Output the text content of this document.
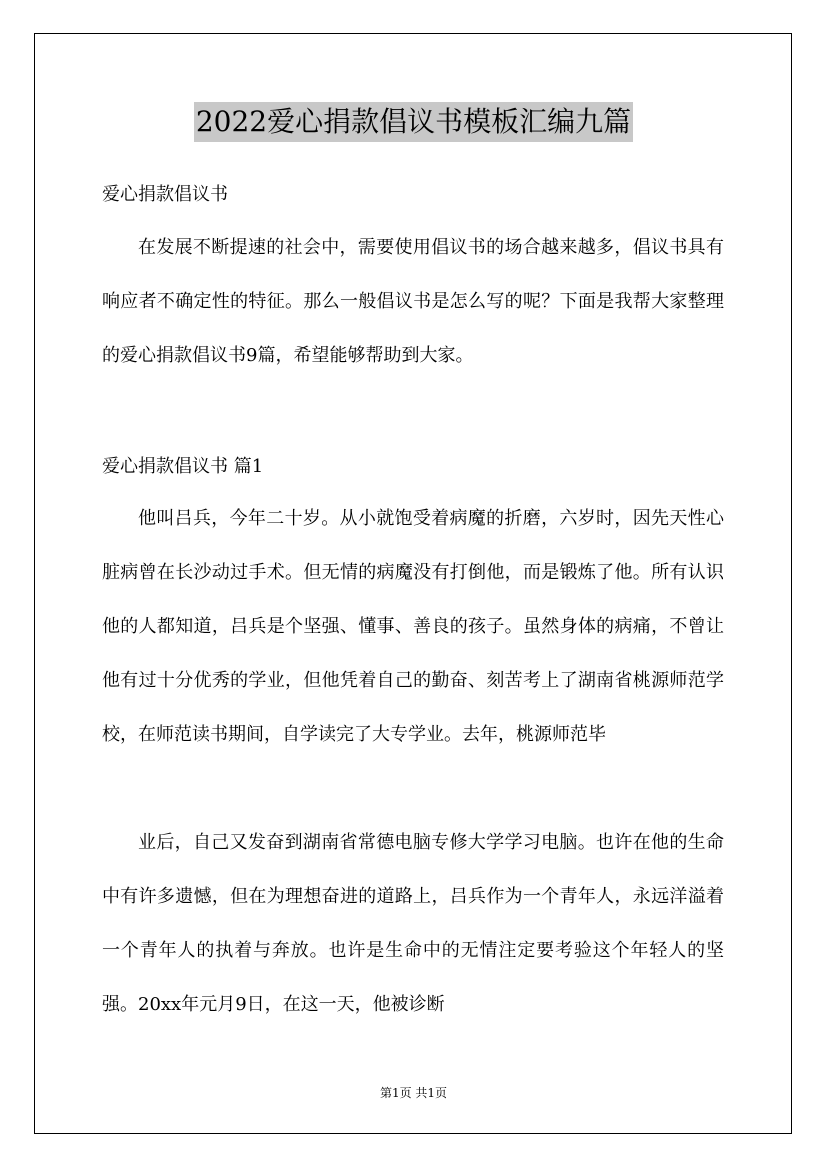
2022爱心捐款倡议书模板汇编九篇
爱心捐款倡议书

在发展不断提速的社会中，需要使用倡议书的场合越来越多，倡议书具有响应者不确定性的特征。那么一般倡议书是怎么写的呢？下面是我帮大家整理的爱心捐款倡议书9篇，希望能够帮助到大家。

爱心捐款倡议书 篇1

他叫吕兵，今年二十岁。从小就饱受着病魔的折磨，六岁时，因先天性心脏病曾在长沙动过手术。但无情的病魔没有打倒他，而是锻炼了他。所有认识他的人都知道，吕兵是个坚强、懂事、善良的孩子。虽然身体的病痛，不曾让他有过十分优秀的学业，但他凭着自己的勤奋、刻苦考上了湖南省桃源师范学校，在师范读书期间，自学读完了大专学业。去年，桃源师范毕

业后，自己又发奋到湖南省常德电脑专修大学学习电脑。也许在他的生命中有许多遗憾，但在为理想奋进的道路上，吕兵作为一个青年人，永远洋溢着一个青年人的执着与奔放。也许是生命中的无情注定要考验这个年轻人的坚强。20xx年元月9日，在这一天，他被诊断

第1页 共1页
